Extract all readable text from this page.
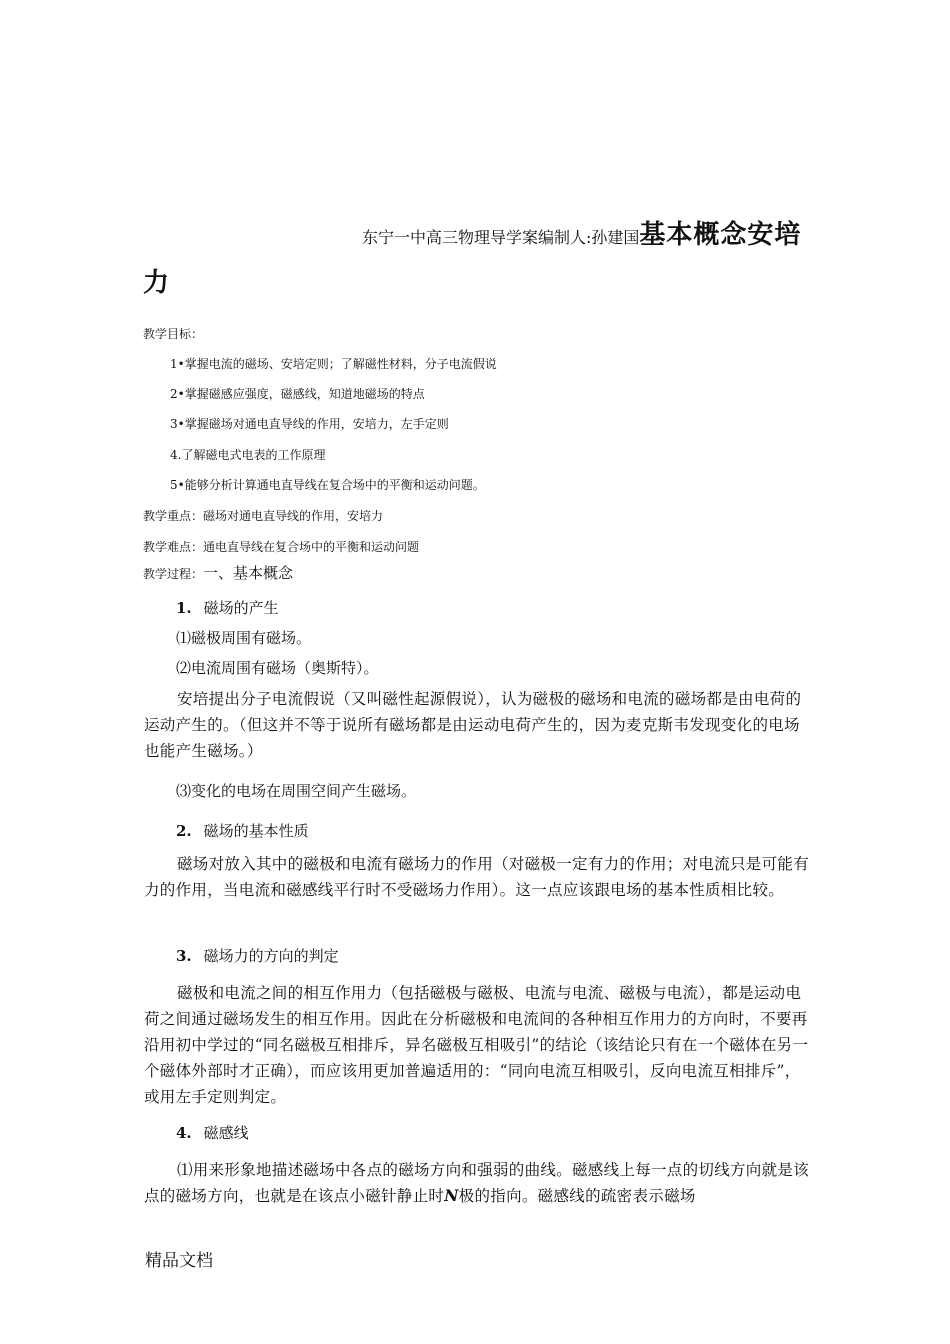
东宁一中高三物理导学案编制人:孙建国基本概念安培
力
教学目标：
1•掌握电流的磁场、安培定则；了解磁性材料，分子电流假说
2•掌握磁感应强度，磁感线，知道地磁场的特点
3•掌握磁场对通电直导线的作用，安培力，左手定则
4.了解磁电式电表的工作原理
5•能够分析计算通电直导线在复合场中的平衡和运动问题。
教学重点：磁场对通电直导线的作用，安培力
教学难点：通电直导线在复合场中的平衡和运动问题
教学过程：一、基本概念
1. 磁场的产生
⑴磁极周围有磁场。
⑵电流周围有磁场（奥斯特）。
安培提出分子电流假说（又叫磁性起源假说），认为磁极的磁场和电流的磁场都是由电荷的运动产生的。（但这并不等于说所有磁场都是由运动电荷产生的，因为麦克斯韦发现变化的电场也能产生磁场。）
⑶变化的电场在周围空间产生磁场。
2. 磁场的基本性质
磁场对放入其中的磁极和电流有磁场力的作用（对磁极一定有力的作用；对电流只是可能有力的作用，当电流和磁感线平行时不受磁场力作用）。这一点应该跟电场的基本性质相比较。
3. 磁场力的方向的判定
磁极和电流之间的相互作用力（包括磁极与磁极、电流与电流、磁极与电流），都是运动电荷之间通过磁场发生的相互作用。因此在分析磁极和电流间的各种相互作用力的方向时，不要再沿用初中学过的“同名磁极互相排斥，异名磁极互相吸引”的结论（该结论只有在一个磁体在另一个磁体外部时才正确），而应该用更加普遍适用的：“同向电流互相吸引，反向电流互相排斥”，或用左手定则判定。
4. 磁感线
⑴用来形象地描述磁场中各点的磁场方向和强弱的曲线。磁感线上每一点的切线方向就是该点的磁场方向，也就是在该点小磁针静止时N极的指向。磁感线的疏密表示磁场
精品文档
